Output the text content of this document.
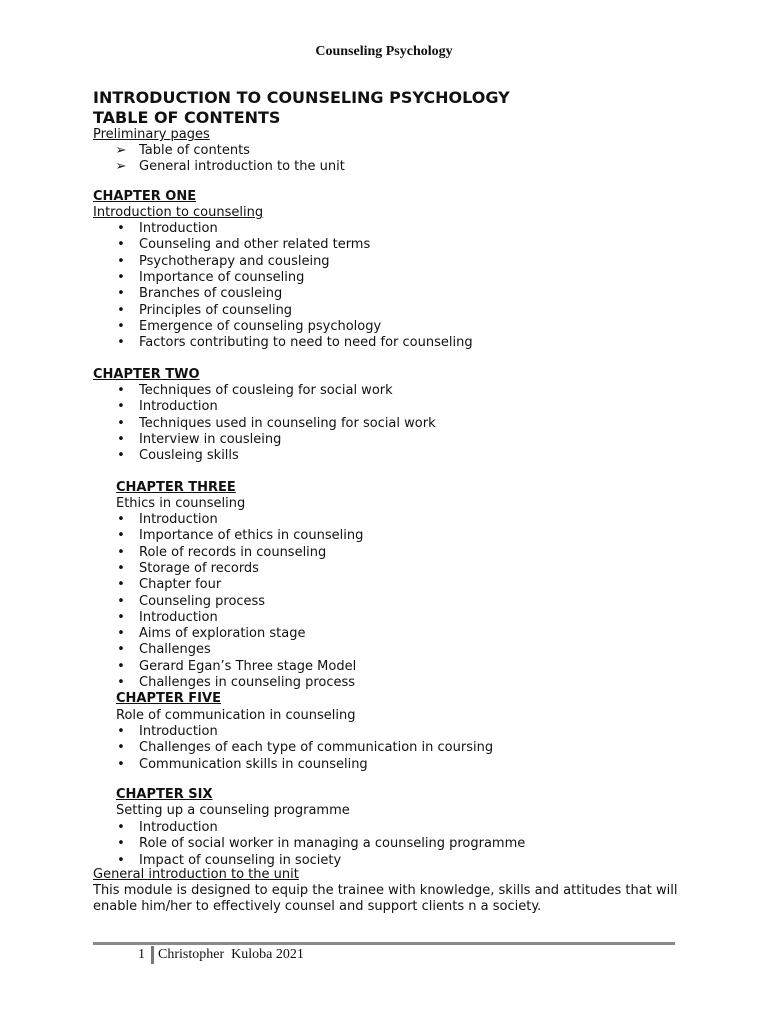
Counseling Psychology
INTRODUCTION TO COUNSELING PSYCHOLOGY
TABLE OF CONTENTS
Preliminary pages
➢ Table of contents
➢ General introduction to the unit
CHAPTER ONE
Introduction to counseling
• Introduction
• Counseling and other related terms
• Psychotherapy and cousleing
• Importance of counseling
• Branches of cousleing
• Principles of counseling
• Emergence of counseling psychology
• Factors contributing to need to need for counseling
CHAPTER TWO
• Techniques of cousleing for social work
• Introduction
• Techniques used in counseling for social work
• Interview in cousleing
• Cousleing skills
CHAPTER THREE
Ethics in counseling
• Introduction
• Importance of ethics in counseling
• Role of records in counseling
• Storage of records
• Chapter four
• Counseling process
• Introduction
• Aims of exploration stage
• Challenges
• Gerard Egan’s Three stage Model
• Challenges in counseling process
CHAPTER FIVE
Role of communication in counseling
• Introduction
• Challenges of each type of communication in coursing
• Communication skills in counseling
CHAPTER SIX
Setting up a counseling programme
• Introduction
• Role of social worker in managing a counseling programme
• Impact of counseling in society
General introduction to the unit
This module is designed to equip the trainee with knowledge, skills and attitudes that will enable him/her to effectively counsel and support clients n a society.
1 Christopher  Kuloba 2021
